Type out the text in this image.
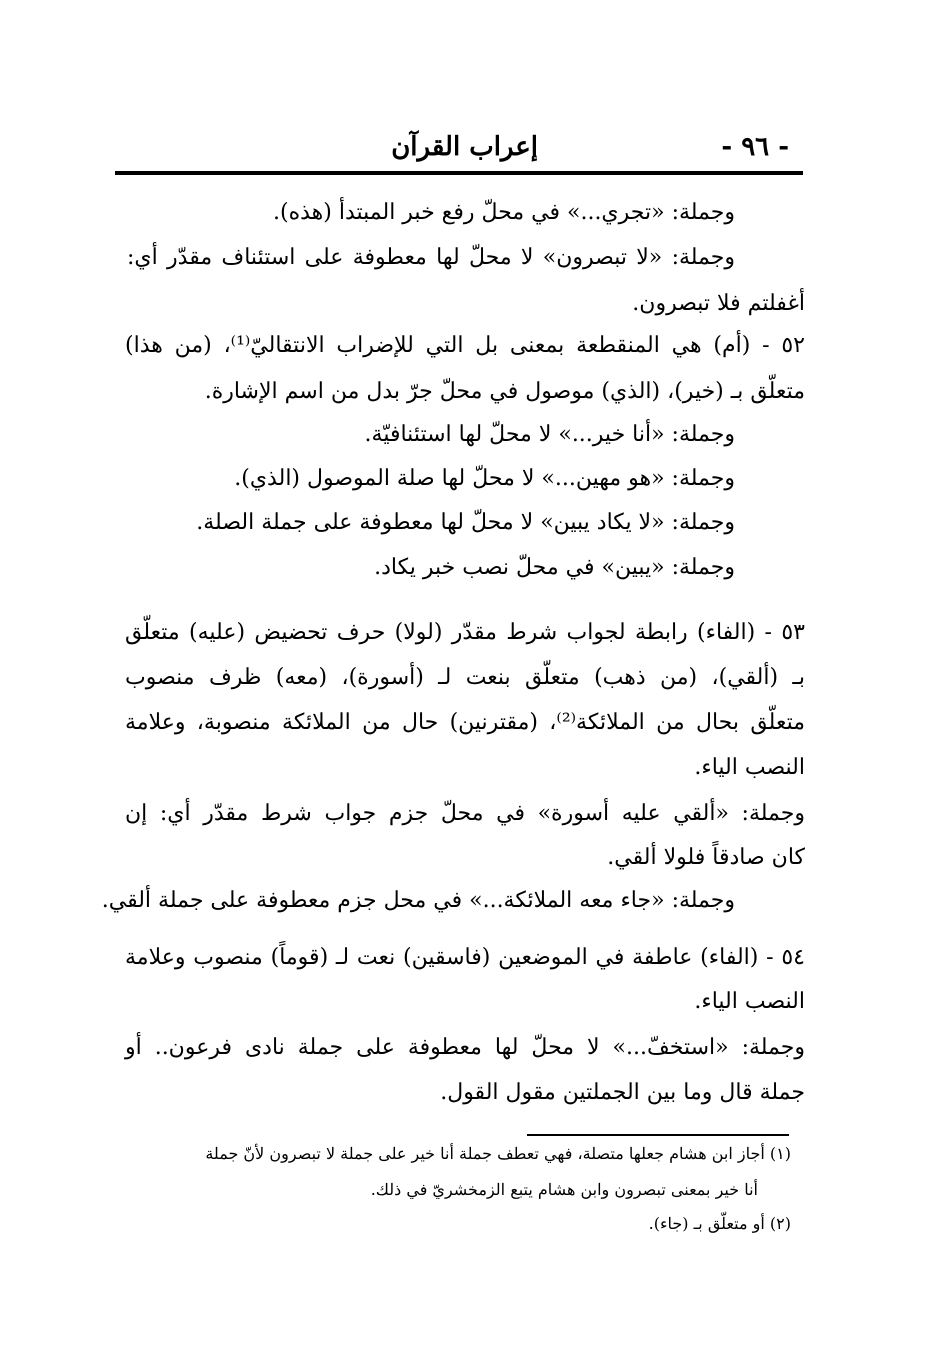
- ٩٦ -
إعراب القرآن
وجملة: «تجري...» في محلّ رفع خبر المبتدأ (هذه).
وجملة: «لا تبصرون» لا محلّ لها معطوفة على استئناف مقدّر أي:
أغفلتم فلا تبصرون.
٥٢ - (أم) هي المنقطعة بمعنى بل التي للإضراب الانتقاليّ⁽¹⁾، (من هذا)
متعلّق بـ (خير)، (الذي) موصول في محلّ جرّ بدل من اسم الإشارة.
وجملة: «أنا خير...» لا محلّ لها استئنافيّة.
وجملة: «هو مهين...» لا محلّ لها صلة الموصول (الذي).
وجملة: «لا يكاد يبين» لا محلّ لها معطوفة على جملة الصلة.
وجملة: «يبين» في محلّ نصب خبر يكاد.
٥٣ - (الفاء) رابطة لجواب شرط مقدّر (لولا) حرف تحضيض (عليه) متعلّق
بـ (ألقي)، (من ذهب) متعلّق بنعت لـ (أسورة)، (معه) ظرف منصوب
متعلّق بحال من الملائكة⁽²⁾، (مقترنين) حال من الملائكة منصوبة، وعلامة
النصب الياء.
وجملة: «ألقي عليه أسورة» في محلّ جزم جواب شرط مقدّر أي: إن
كان صادقاً فلولا ألقي.
وجملة: «جاء معه الملائكة...» في محل جزم معطوفة على جملة ألقي.
٥٤ - (الفاء) عاطفة في الموضعين (فاسقين) نعت لـ (قوماً) منصوب وعلامة
النصب الياء.
وجملة: «استخفّ...» لا محلّ لها معطوفة على جملة نادى فرعون.. أو
جملة قال وما بين الجملتين مقول القول.
(١) أجاز ابن هشام جعلها متصلة، فهي تعطف جملة أنا خير على جملة لا تبصرون لأنّ جملة
أنا خير بمعنى تبصرون وابن هشام يتبع الزمخشريّ في ذلك.
(٢) أو متعلّق بـ (جاء).
